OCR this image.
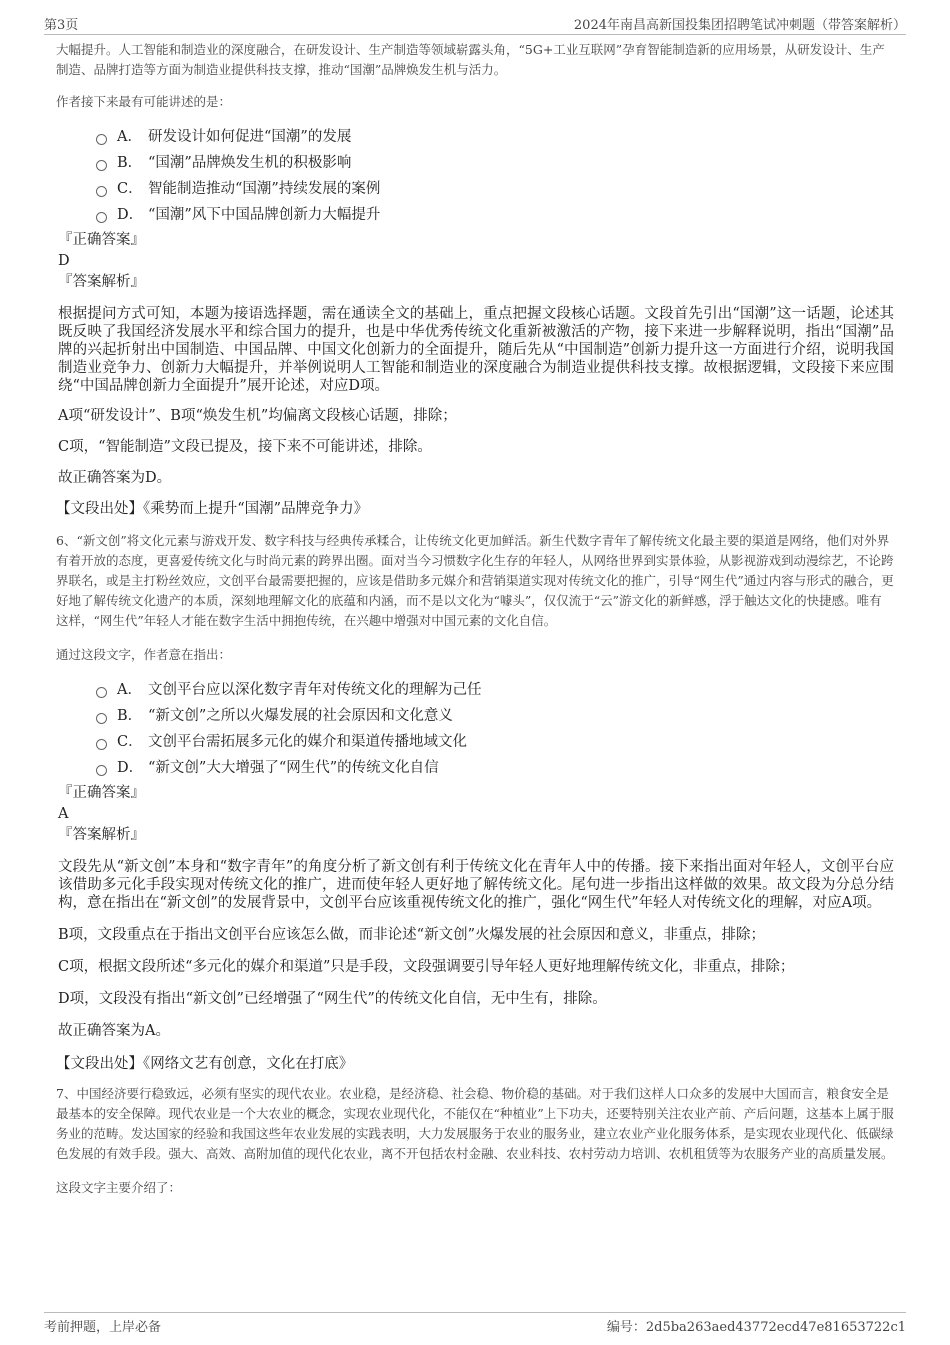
第3页	2024年南昌高新国投集团招聘笔试冲刺题（带答案解析）

大幅提升。人工智能和制造业的深度融合，在研发设计、生产制造等领域崭露头角，“5G+工业互联网”孕育智能制造新的应用场景，从研发设计、生产制造、品牌打造等方面为制造业提供科技支撑，推动“国潮”品牌焕发生机与活力。

作者接下来最有可能讲述的是：

A． 研发设计如何促进“国潮”的发展
B． “国潮”品牌焕发生机的积极影响
C． 智能制造推动“国潮”持续发展的案例
D． “国潮”风下中国品牌创新力大幅提升

『正确答案』

D

『答案解析』

根据提问方式可知，本题为接语选择题，需在通读全文的基础上，重点把握文段核心话题。文段首先引出“国潮”这一话题，论述其既反映了我国经济发展水平和综合国力的提升，也是中华优秀传统文化重新被激活的产物，接下来进一步解释说明，指出“国潮”品牌的兴起折射出中国制造、中国品牌、中国文化创新力的全面提升，随后先从“中国制造”创新力提升这一方面进行介绍，说明我国制造业竞争力、创新力大幅提升，并举例说明人工智能和制造业的深度融合为制造业提供科技支撑。故根据逻辑，文段接下来应围绕“中国品牌创新力全面提升”展开论述，对应D项。

A项“研发设计”、B项“焕发生机”均偏离文段核心话题，排除；

C项，“智能制造”文段已提及，接下来不可能讲述，排除。

故正确答案为D。

【文段出处】《乘势而上提升“国潮”品牌竞争力》

6、“新文创”将文化元素与游戏开发、数字科技与经典传承糅合，让传统文化更加鲜活。新生代数字青年了解传统文化最主要的渠道是网络，他们对外界有着开放的态度，更喜爱传统文化与时尚元素的跨界出圈。面对当今习惯数字化生存的年轻人，从网络世界到实景体验，从影视游戏到动漫综艺，不论跨界联名，或是主打粉丝效应，文创平台最需要把握的，应该是借助多元媒介和营销渠道实现对传统文化的推广，引导“网生代”通过内容与形式的融合，更好地了解传统文化遗产的本质，深刻地理解文化的底蕴和内涵，而不是以文化为“噱头”，仅仅流于“云”游文化的新鲜感，浮于触达文化的快捷感。唯有这样，“网生代”年轻人才能在数字生活中拥抱传统，在兴趣中增强对中国元素的文化自信。

通过这段文字，作者意在指出：

A． 文创平台应以深化数字青年对传统文化的理解为己任
B． “新文创”之所以火爆发展的社会原因和文化意义
C． 文创平台需拓展多元化的媒介和渠道传播地域文化
D． “新文创”大大增强了“网生代”的传统文化自信

『正确答案』

A

『答案解析』

文段先从“新文创”本身和“数字青年”的角度分析了新文创有利于传统文化在青年人中的传播。接下来指出面对年轻人，文创平台应该借助多元化手段实现对传统文化的推广，进而使年轻人更好地了解传统文化。尾句进一步指出这样做的效果。故文段为分总分结构，意在指出在“新文创”的发展背景中，文创平台应该重视传统文化的推广，强化“网生代”年轻人对传统文化的理解，对应A项。

B项，文段重点在于指出文创平台应该怎么做，而非论述“新文创”火爆发展的社会原因和意义，非重点，排除；

C项，根据文段所述“多元化的媒介和渠道”只是手段，文段强调要引导年轻人更好地理解传统文化，非重点，排除；

D项，文段没有指出“新文创”已经增强了“网生代”的传统文化自信，无中生有，排除。

故正确答案为A。

【文段出处】《网络文艺有创意，文化在打底》

7、中国经济要行稳致远，必须有坚实的现代农业。农业稳，是经济稳、社会稳、物价稳的基础。对于我们这样人口众多的发展中大国而言，粮食安全是最基本的安全保障。现代农业是一个大农业的概念，实现农业现代化，不能仅在“种植业”上下功夫，还要特别关注农业产前、产后问题，这基本上属于服务业的范畴。发达国家的经验和我国这些年农业发展的实践表明，大力发展服务于农业的服务业，建立农业产业化服务体系，是实现农业现代化、低碳绿色发展的有效手段。强大、高效、高附加值的现代化农业，离不开包括农村金融、农业科技、农村劳动力培训、农机租赁等为农服务产业的高质量发展。

这段文字主要介绍了：

考前押题，上岸必备	编号：2d5ba263aed43772ecd47e81653722c1
